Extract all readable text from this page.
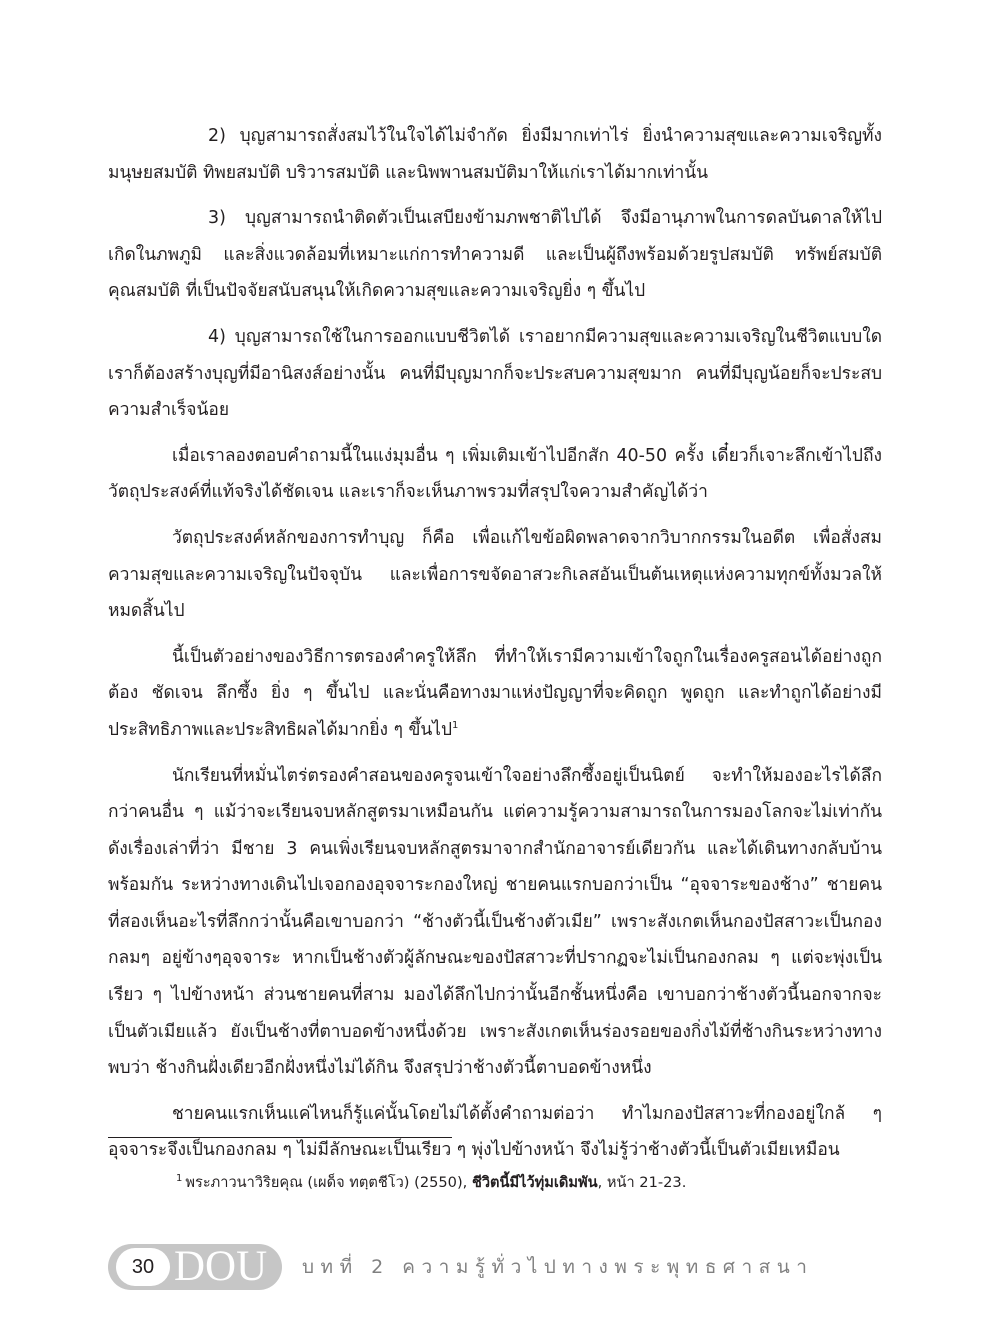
2) บุญสามารถสั่งสมไว้ในใจได้ไม่จำกัด ยิ่งมีมากเท่าไร่ ยิ่งนำความสุขและความเจริญทั้งมนุษยสมบัติ ทิพยสมบัติ บริวารสมบัติ และนิพพานสมบัติมาให้แก่เราได้มากเท่านั้น

3) บุญสามารถนำติดตัวเป็นเสบียงข้ามภพชาติไปได้ จึงมีอานุภาพในการดลบันดาลให้ไปเกิดในภพภูมิ และสิ่งแวดล้อมที่เหมาะแก่การทำความดี และเป็นผู้ถึงพร้อมด้วยรูปสมบัติ ทรัพย์สมบัติ คุณสมบัติ ที่เป็นปัจจัยสนับสนุนให้เกิดความสุขและความเจริญยิ่ง ๆ ขึ้นไป

4) บุญสามารถใช้ในการออกแบบชีวิตได้ เราอยากมีความสุขและความเจริญในชีวิตแบบใด เราก็ต้องสร้างบุญที่มีอานิสงส์อย่างนั้น คนที่มีบุญมากก็จะประสบความสุขมาก คนที่มีบุญน้อยก็จะประสบความสำเร็จน้อย

เมื่อเราลองตอบคำถามนี้ในแง่มุมอื่น ๆ เพิ่มเติมเข้าไปอีกสัก 40-50 ครั้ง เดี๋ยวก็เจาะลึกเข้าไปถึงวัตถุประสงค์ที่แท้จริงได้ชัดเจน และเราก็จะเห็นภาพรวมที่สรุปใจความสำคัญได้ว่า

วัตถุประสงค์หลักของการทำบุญ ก็คือ เพื่อแก้ไขข้อผิดพลาดจากวิบากกรรมในอดีต เพื่อสั่งสมความสุขและความเจริญในปัจจุบัน และเพื่อการขจัดอาสวะกิเลสอันเป็นต้นเหตุแห่งความทุกข์ทั้งมวลให้หมดสิ้นไป

นี้เป็นตัวอย่างของวิธีการตรองคำครูให้ลึก ที่ทำให้เรามีความเข้าใจถูกในเรื่องครูสอนได้อย่างถูกต้อง ชัดเจน ลึกซึ้ง ยิ่ง ๆ ขึ้นไป และนั่นคือทางมาแห่งปัญญาที่จะคิดถูก พูดถูก และทำถูกได้อย่างมีประสิทธิภาพและประสิทธิผลได้มากยิ่ง ๆ ขึ้นไป$^1$

นักเรียนที่หมั่นไตร่ตรองคำสอนของครูจนเข้าใจอย่างลึกซึ้งอยู่เป็นนิตย์ จะทำให้มองอะไรได้ลึกกว่าคนอื่น ๆ แม้ว่าจะเรียนจบหลักสูตรมาเหมือนกัน แต่ความรู้ความสามารถในการมองโลกจะไม่เท่ากัน ดังเรื่องเล่าที่ว่า มีชาย 3 คนเพิ่งเรียนจบหลักสูตรมาจากสำนักอาจารย์เดียวกัน และได้เดินทางกลับบ้านพร้อมกัน ระหว่างทางเดินไปเจอกองอุจจาระกองใหญ่ ชายคนแรกบอกว่าเป็น “อุจจาระของช้าง” ชายคนที่สองเห็นอะไรที่ลึกกว่านั้นคือเขาบอกว่า “ช้างตัวนี้เป็นช้างตัวเมีย” เพราะสังเกตเห็นกองปัสสาวะเป็นกองกลมๆ อยู่ข้างๆอุจจาระ หากเป็นช้างตัวผู้ลักษณะของปัสสาวะที่ปรากฏจะไม่เป็นกองกลม ๆ แต่จะพุ่งเป็นเรียว ๆ ไปข้างหน้า ส่วนชายคนที่สาม มองได้ลึกไปกว่านั้นอีกชั้นหนึ่งคือ เขาบอกว่าช้างตัวนี้นอกจากจะเป็นตัวเมียแล้ว ยังเป็นช้างที่ตาบอดข้างหนึ่งด้วย เพราะสังเกตเห็นร่องรอยของกิ่งไม้ที่ช้างกินระหว่างทางพบว่า ช้างกินฝั่งเดียวอีกฝั่งหนึ่งไม่ได้กิน จึงสรุปว่าช้างตัวนี้ตาบอดข้างหนึ่ง

ชายคนแรกเห็นแค่ไหนก็รู้แค่นั้นโดยไม่ได้ตั้งคำถามต่อว่า ทำไมกองปัสสาวะที่กองอยู่ใกล้ ๆ อุจจาระจึงเป็นกองกลม ๆ ไม่มีลักษณะเป็นเรียว ๆ พุ่งไปข้างหน้า จึงไม่รู้ว่าช้างตัวนี้เป็นตัวเมียเหมือน

$^1$ พระภาวนาวิริยคุณ (เผด็จ ทตฺตชีโว) (2550), ชีวิตนี้มีไว้ทุ่มเดิมพัน, หน้า 21-23.
30 DOU บทที่ 2 ความรู้ทั่วไปทางพระพุทธศาสนา
